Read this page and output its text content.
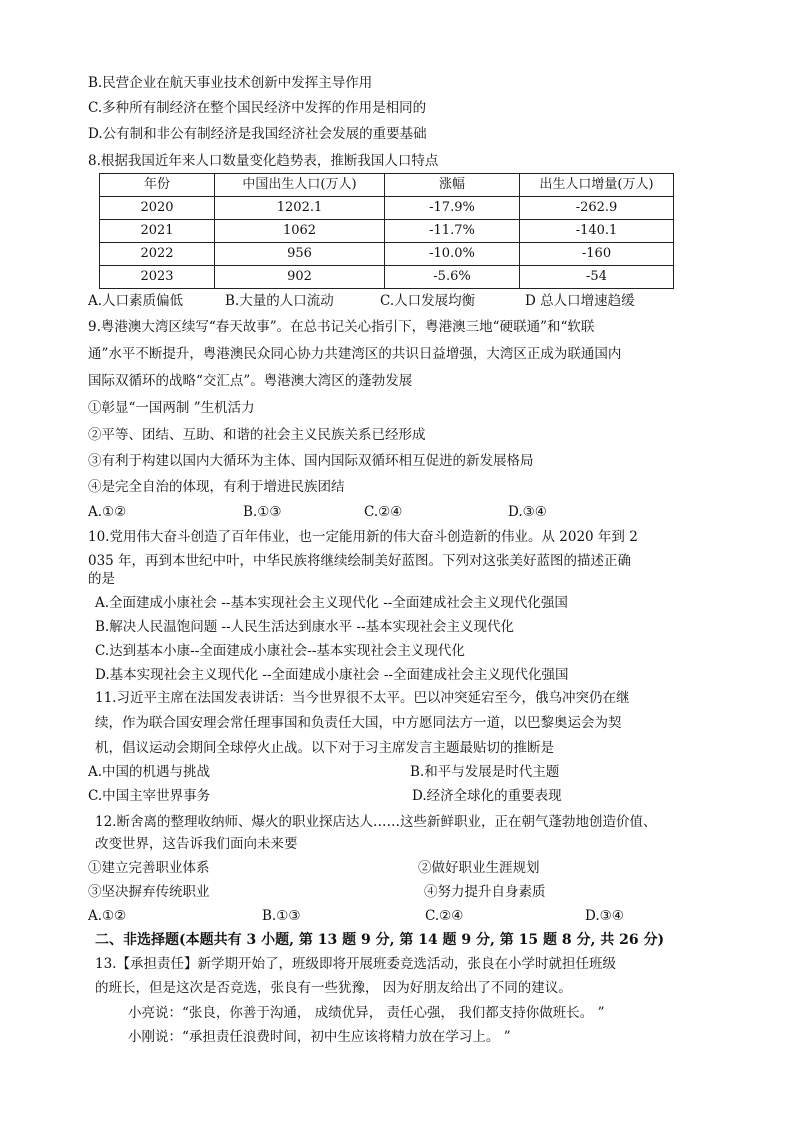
B.民营企业在航天事业技术创新中发挥主导作用
C.多种所有制经济在整个国民经济中发挥的作用是相同的
D.公有制和非公有制经济是我国经济社会发展的重要基础
8.根据我国近年来人口数量变化趋势表，推断我国人口特点
年份	中国出生人口(万人)	涨幅	出生人口增量(万人)
2020	1202.1	-17.9%	-262.9
2021	1062	-11.7%	-140.1
2022	956	-10.0%	-160
2023	902	-5.6%	-54
A.人口素质偏低	B.大量的人口流动	C.人口发展均衡	D 总人口增速趋缓
9.粤港澳大湾区续写“春天故事”。在总书记关心指引下，粤港澳三地“硬联通”和“软联
通”水平不断提升，粤港澳民众同心协力共建湾区的共识日益增强，大湾区正成为联通国内
国际双循环的战略“交汇点”。粤港澳大湾区的蓬勃发展
①彰显“一国两制 ”生机活力
②平等、团结、互助、和谐的社会主义民族关系已经形成
③有利于构建以国内大循环为主体、国内国际双循环相互促进的新发展格局
④是完全自治的体现，有利于增进民族团结
A.①②	B.①③	C.②④	D.③④
10.党用伟大奋斗创造了百年伟业，也一定能用新的伟大奋斗创造新的伟业。从 2020 年到 2
035 年，再到本世纪中叶，中华民族将继续绘制美好蓝图。下列对这张美好蓝图的描述正确
的是
A.全面建成小康社会 --基本实现社会主义现代化 --全面建成社会主义现代化强国
B.解决人民温饱问题 --人民生活达到康水平 --基本实现社会主义现代化
C.达到基本小康--全面建成小康社会--基本实现社会主义现代化
D.基本实现社会主义现代化 --全面建成小康社会 --全面建成社会主义现代化强国
11.习近平主席在法国发表讲话：当今世界很不太平。巴以冲突延宕至今，俄乌冲突仍在继
续，作为联合国安理会常任理事国和负责任大国，中方愿同法方一道，以巴黎奥运会为契
机，倡议运动会期间全球停火止战。以下对于习主席发言主题最贴切的推断是
A.中国的机遇与挑战	B.和平与发展是时代主题
C.中国主宰世界事务	D.经济全球化的重要表现
12.断舍离的整理收纳师、爆火的职业探店达人……这些新鲜职业，正在朝气蓬勃地创造价值、
改变世界，这告诉我们面向未来要
①建立完善职业体系	②做好职业生涯规划
③坚决摒弃传统职业	④努力提升自身素质
A.①②	B.①③	C.②④	D.③④
二、非选择题(本题共有 3 小题, 第 13 题 9 分, 第 14 题 9 分, 第 15 题 8 分, 共 26 分)
13.【承担责任】新学期开始了，班级即将开展班委竞选活动，张良在小学时就担任班级
的班长，但是这次是否竞选，张良有一些犹豫， 因为好朋友给出了不同的建议。
小亮说：“张良，你善于沟通， 成绩优异， 责任心强， 我们都支持你做班长。 ”
小刚说：“承担责任浪费时间，初中生应该将精力放在学习上。 ”
